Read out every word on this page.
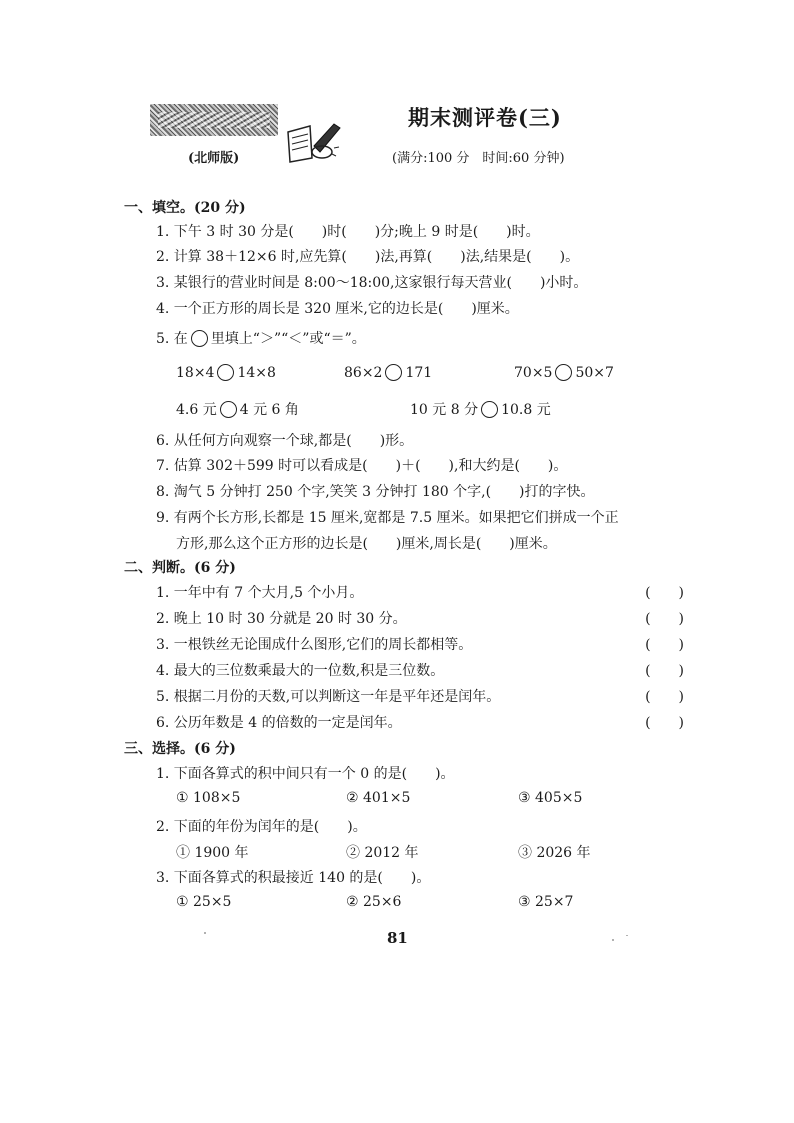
期末测评卷(三)
(北师版)	(满分:100 分　时间:60 分钟)
一、填空。(20 分)
1. 下午 3 时 30 分是(　　)时(　　)分;晚上 9 时是(　　)时。
2. 计算 38＋12×6 时,应先算(　　)法,再算(　　)法,结果是(　　)。
3. 某银行的营业时间是 8:00～18:00,这家银行每天营业(　　)小时。
4. 一个正方形的周长是 320 厘米,它的边长是(　　)厘米。
5. 在 里填上“＞”“＜”或“＝”。
18×4 14×8	86×2 171	70×5 50×7
4.6 元 4 元 6 角	10 元 8 分 10.8 元
6. 从任何方向观察一个球,都是(　　)形。
7. 估算 302＋599 时可以看成是(　　)＋(　　),和大约是(　　)。
8. 淘气 5 分钟打 250 个字,笑笑 3 分钟打 180 个字,(　　)打的字快。
9. 有两个长方形,长都是 15 厘米,宽都是 7.5 厘米。如果把它们拼成一个正
方形,那么这个正方形的边长是(　　)厘米,周长是(　　)厘米。
二、判断。(6 分)
1. 一年中有 7 个大月,5 个小月。	(　　)
2. 晚上 10 时 30 分就是 20 时 30 分。	(　　)
3. 一根铁丝无论围成什么图形,它们的周长都相等。	(　　)
4. 最大的三位数乘最大的一位数,积是三位数。	(　　)
5. 根据二月份的天数,可以判断这一年是平年还是闰年。	(　　)
6. 公历年数是 4 的倍数的一定是闰年。	(　　)
三、选择。(6 分)
1. 下面各算式的积中间只有一个 0 的是(　　)。
① 108×5	② 401×5	③ 405×5
2. 下面的年份为闰年的是(　　)。
① 1900 年	② 2012 年	③ 2026 年
3. 下面各算式的积最接近 140 的是(　　)。
① 25×5	② 25×6	③ 25×7
81
